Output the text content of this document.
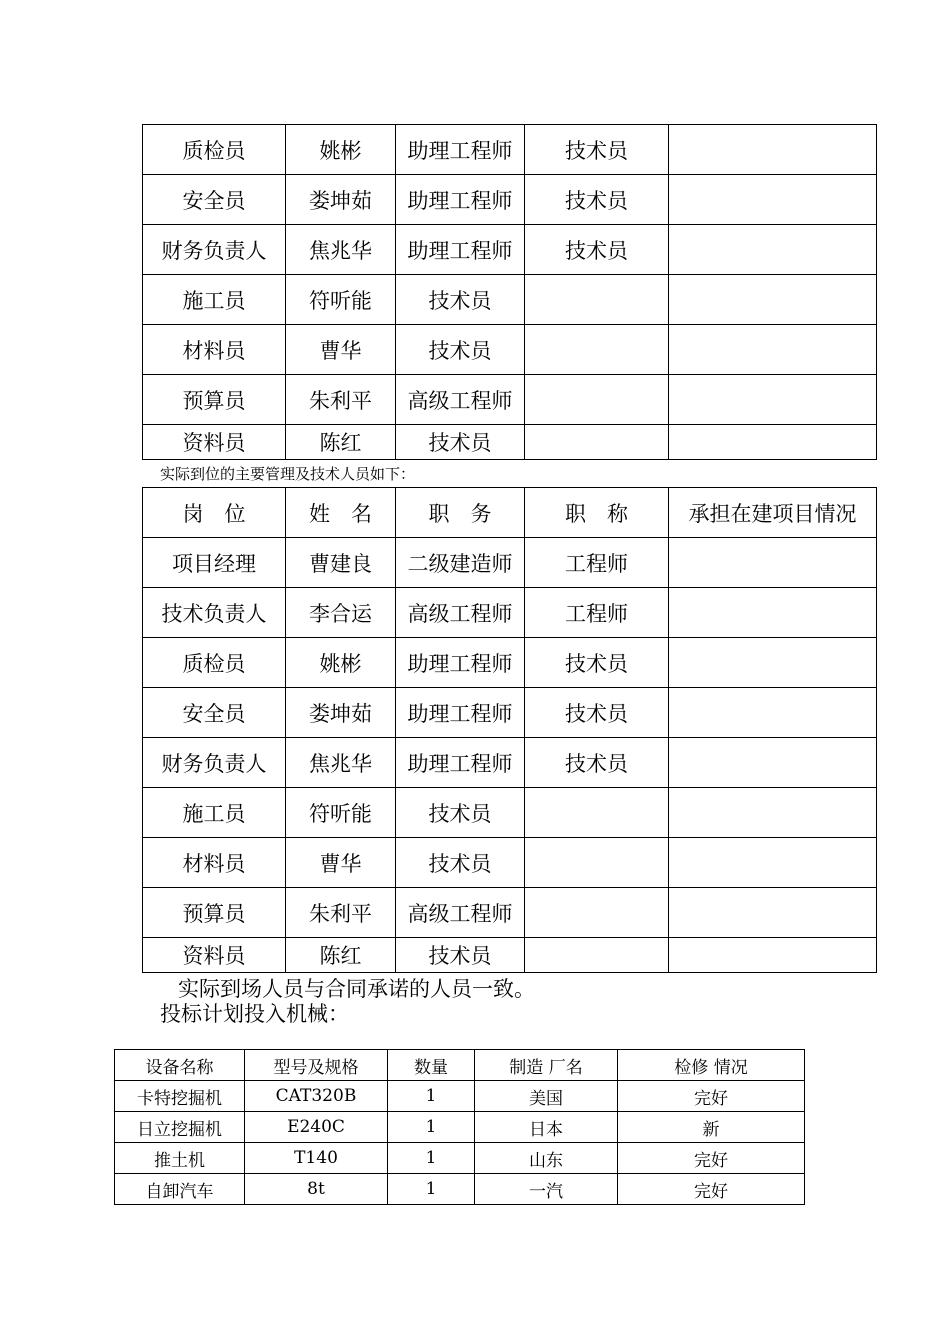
质检员	姚彬	助理工程师	技术员	
安全员	娄坤茹	助理工程师	技术员	
财务负责人	焦兆华	助理工程师	技术员	
施工员	符听能	技术员		
材料员	曹华	技术员		
预算员	朱利平	高级工程师		
资料员	陈红	技术员		
实际到位的主要管理及技术人员如下：
岗　位	姓　名	职　务	职　称	承担在建项目情况
项目经理	曹建良	二级建造师	工程师	
技术负责人	李合运	高级工程师	工程师	
质检员	姚彬	助理工程师	技术员	
安全员	娄坤茹	助理工程师	技术员	
财务负责人	焦兆华	助理工程师	技术员	
施工员	符听能	技术员		
材料员	曹华	技术员		
预算员	朱利平	高级工程师		
资料员	陈红	技术员		
实际到场人员与合同承诺的人员一致。
投标计划投入机械：
设备名称	型号及规格	数量	制造 厂名	检修 情况
卡特挖掘机	CAT320B	1	美国	完好
日立挖掘机	E240C	1	日本	新
推土机	T140	1	山东	完好
自卸汽车	8t	1	一汽	完好
